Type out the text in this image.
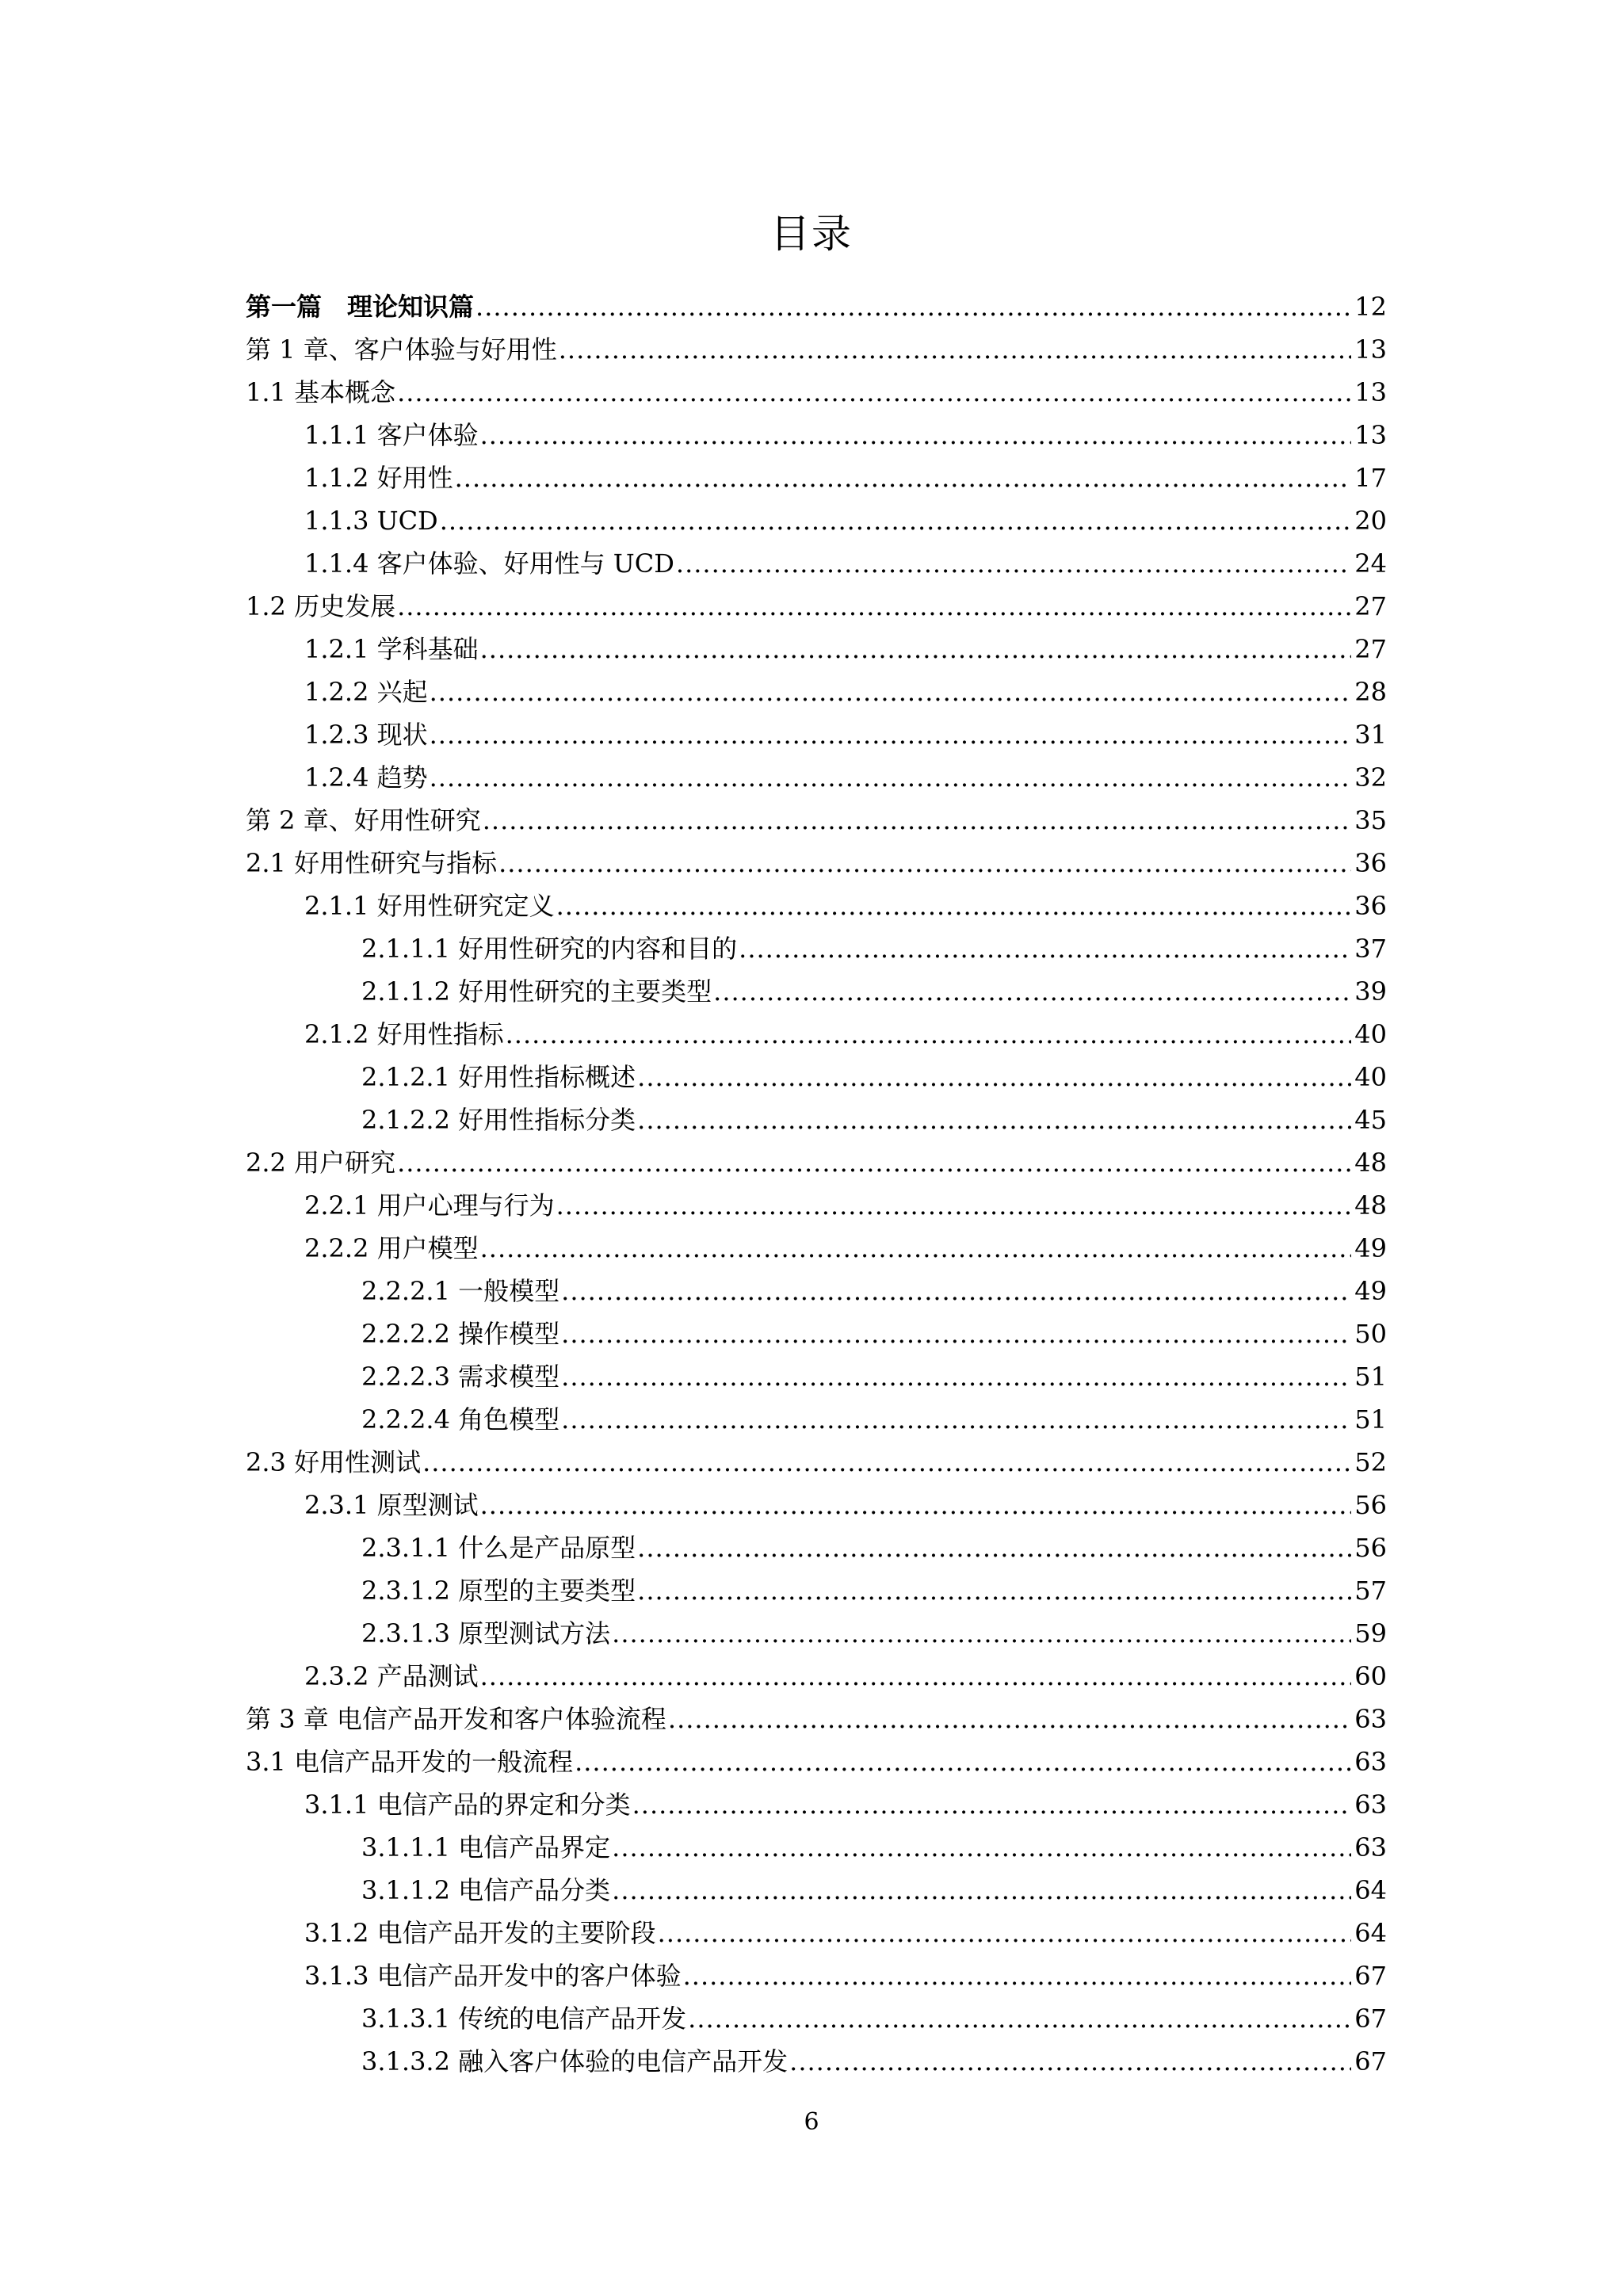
目录
第一篇　理论知识篇 .....	12
第 1 章、客户体验与好用性 .....	13
1.1 基本概念 .....	13
1.1.1 客户体验 .....	13
1.1.2 好用性 .....	17
1.1.3 UCD .....	20
1.1.4 客户体验、好用性与 UCD .....	24
1.2 历史发展 .....	27
1.2.1 学科基础 .....	27
1.2.2 兴起 .....	28
1.2.3 现状 .....	31
1.2.4 趋势 .....	32
第 2 章、好用性研究 .....	35
2.1 好用性研究与指标 .....	36
2.1.1 好用性研究定义 .....	36
2.1.1.1 好用性研究的内容和目的 .....	37
2.1.1.2 好用性研究的主要类型 .....	39
2.1.2 好用性指标 .....	40
2.1.2.1 好用性指标概述 .....	40
2.1.2.2 好用性指标分类 .....	45
2.2 用户研究 .....	48
2.2.1 用户心理与行为 .....	48
2.2.2 用户模型 .....	49
2.2.2.1 一般模型 .....	49
2.2.2.2 操作模型 .....	50
2.2.2.3 需求模型 .....	51
2.2.2.4 角色模型 .....	51
2.3 好用性测试 .....	52
2.3.1 原型测试 .....	56
2.3.1.1 什么是产品原型 .....	56
2.3.1.2 原型的主要类型 .....	57
2.3.1.3 原型测试方法 .....	59
2.3.2 产品测试 .....	60
第 3 章 电信产品开发和客户体验流程 .....	63
3.1 电信产品开发的一般流程 .....	63
3.1.1 电信产品的界定和分类 .....	63
3.1.1.1 电信产品界定 .....	63
3.1.1.2 电信产品分类 .....	64
3.1.2 电信产品开发的主要阶段 .....	64
3.1.3 电信产品开发中的客户体验 .....	67
3.1.3.1 传统的电信产品开发 .....	67
3.1.3.2 融入客户体验的电信产品开发 .....	67
6
